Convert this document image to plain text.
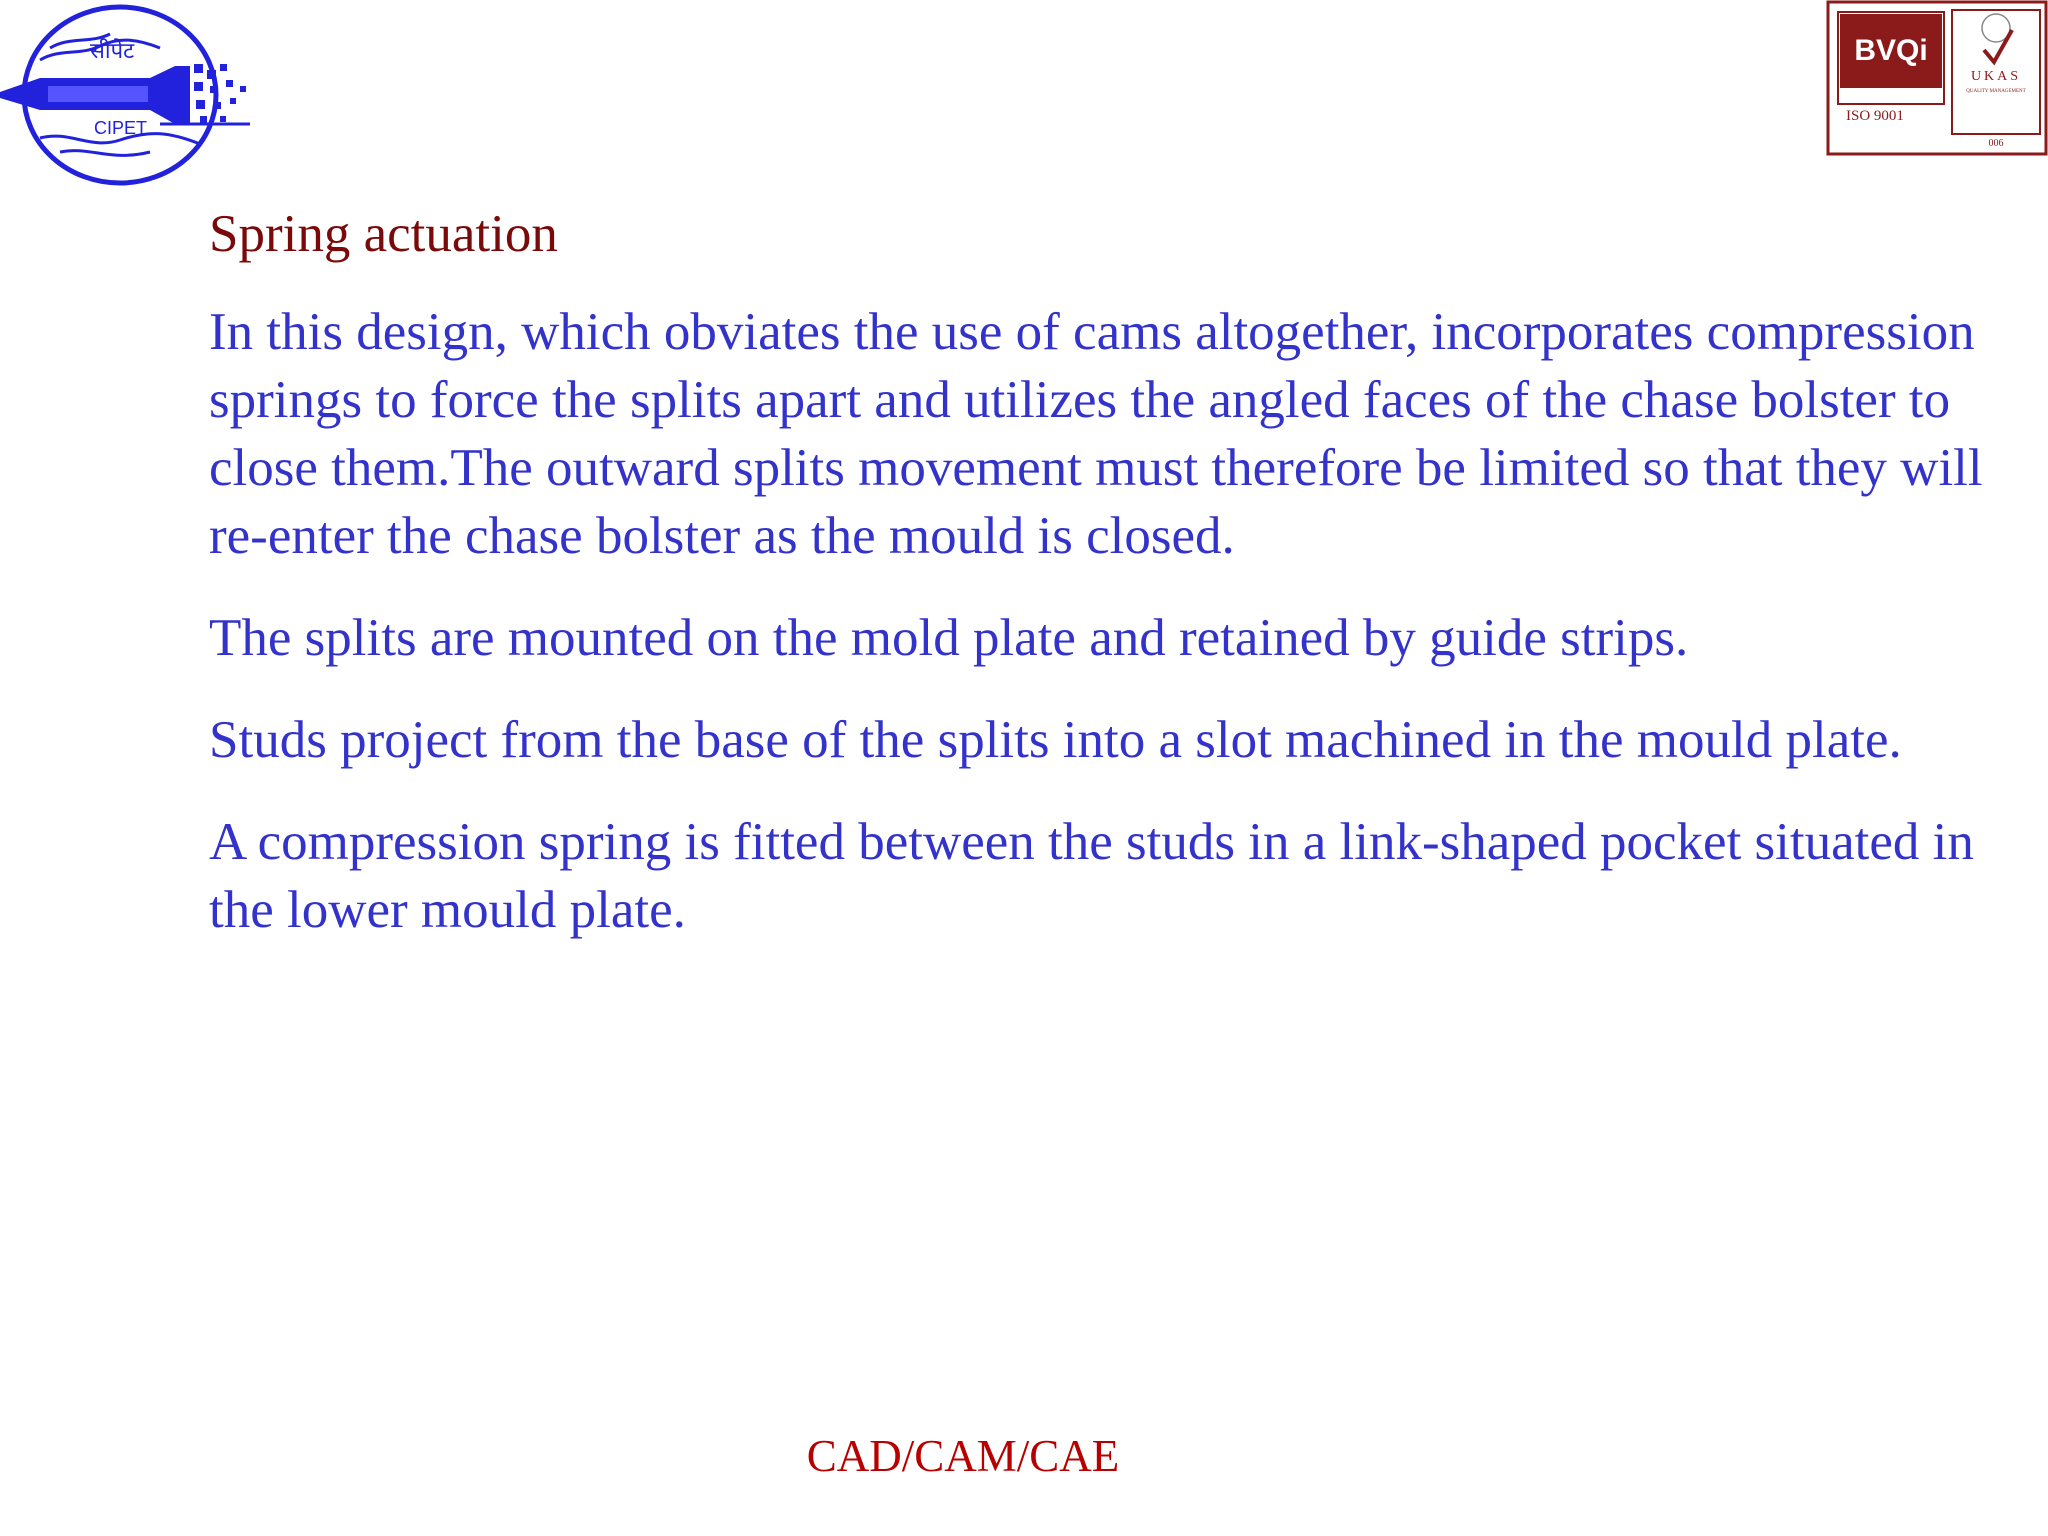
सीपेट
CIPET
BVQi
ISO 9001
UKAS
QUALITY MANAGEMENT
006
Spring actuation

In this design, which obviates the use of cams altogether, incorporates compression springs to force the splits apart and utilizes the angled faces of the chase bolster to close them.The outward splits movement must therefore be limited so that they will re-enter the chase bolster as the mould is closed.

The splits are mounted on the mold plate and retained by guide strips.

Studs project from the base of the splits into a slot machined in the mould plate.

A compression spring is fitted between the studs in a link-shaped pocket situated in the lower mould plate.

CAD/CAM/CAE
